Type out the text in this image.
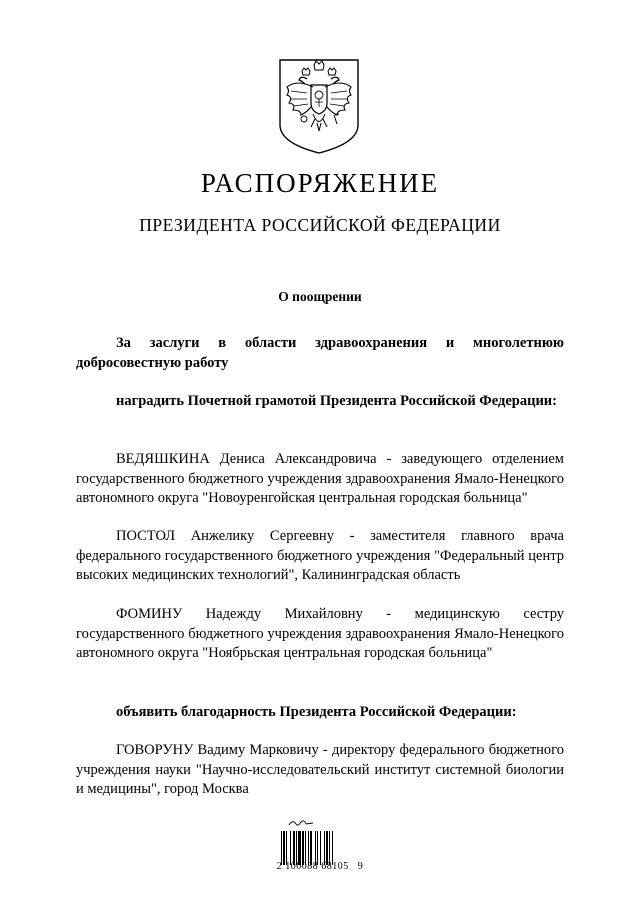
РАСПОРЯЖЕНИЕ
ПРЕЗИДЕНТА РОССИЙСКОЙ ФЕДЕРАЦИИ
О поощрении

За заслуги в области здравоохранения и многолетнюю добросовестную работу

наградить Почетной грамотой Президента Российской Федерации:

ВЕДЯШКИНА Дениса Александровича - заведующего отделением государственного бюджетного учреждения здравоохранения Ямало-Ненецкого автономного округа "Новоуренгойская центральная городская больница"

ПОСТОЛ Анжелику Сергеевну - заместителя главного врача федерального государственного бюджетного учреждения "Федеральный центр высоких медицинских технологий", Калининградская область

ФОМИНУ Надежду Михайловну - медицинскую сестру государственного бюджетного учреждения здравоохранения Ямало-Ненецкого автономного округа "Ноябрьская центральная городская больница"

объявить благодарность Президента Российской Федерации:

ГОВОРУНУ Вадиму Марковичу - директору федерального бюджетного учреждения науки "Научно-исследовательский институт системной биологии и медицины", город Москва

2 100088 68105   9
